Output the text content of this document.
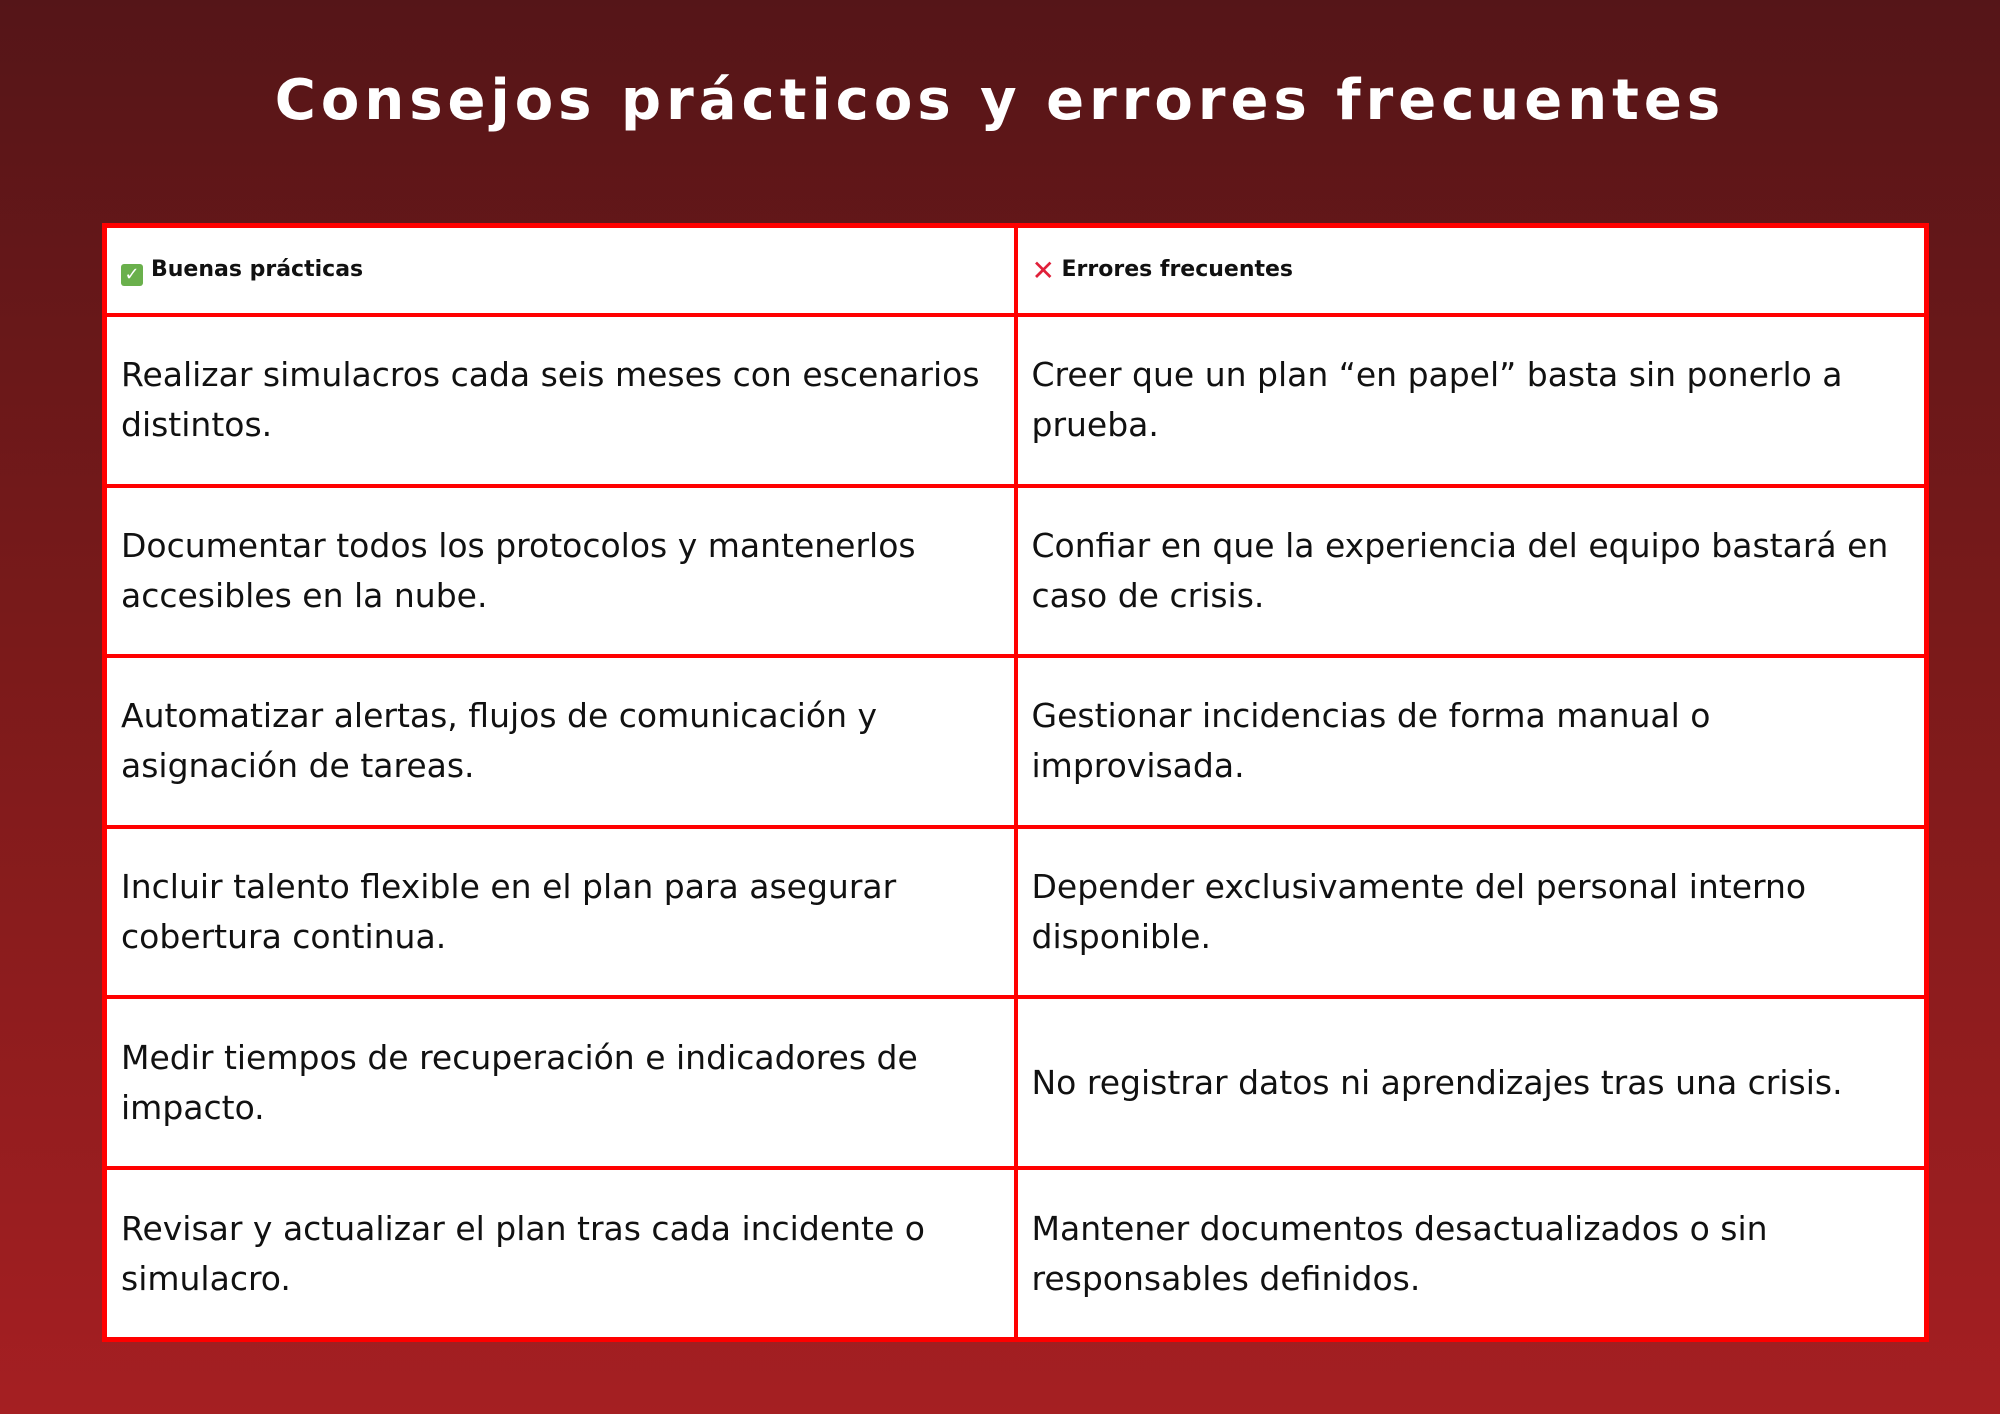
Consejos prácticos y errores frecuentes
✓ Buenas prácticas	✕ Errores frecuentes
Realizar simulacros cada seis meses con escenarios distintos.	Creer que un plan “en papel” basta sin ponerlo a prueba.
Documentar todos los protocolos y mantenerlos accesibles en la nube.	Confiar en que la experiencia del equipo bastará en caso de crisis.
Automatizar alertas, flujos de comunicación y asignación de tareas.	Gestionar incidencias de forma manual o improvisada.
Incluir talento flexible en el plan para asegurar cobertura continua.	Depender exclusivamente del personal interno disponible.
Medir tiempos de recuperación e indicadores de impacto.	No registrar datos ni aprendizajes tras una crisis.
Revisar y actualizar el plan tras cada incidente o simulacro.	Mantener documentos desactualizados o sin responsables definidos.
